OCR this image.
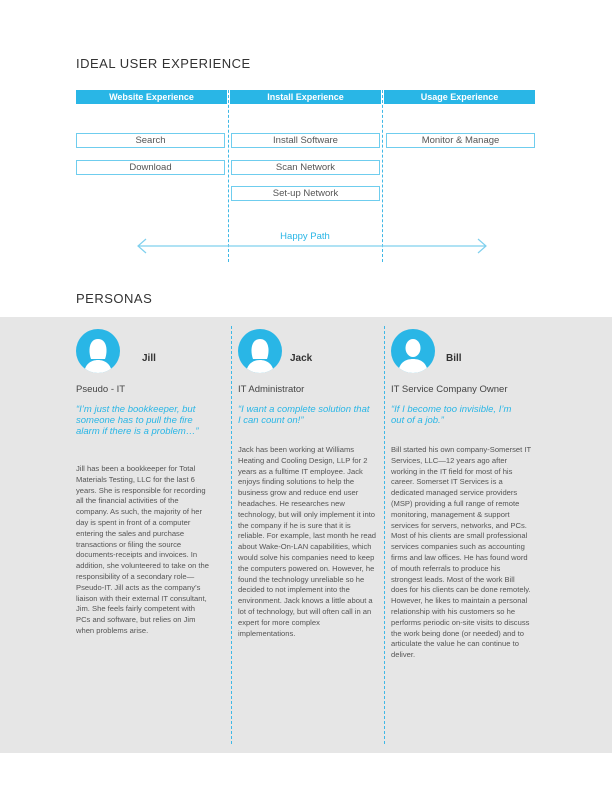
IDEAL USER EXPERIENCE
Website Experience	Install Experience	Usage Experience
Search
Download
Install Software
Scan Network
Set-up Network
Monitor & Manage
Happy Path
PERSONAS
Jill
Pseudo - IT
“I’m just the bookkeeper, but someone has to pull the fire alarm if there is a problem…”
Jill has been a bookkeeper for Total Materials Testing, LLC for the last 6 years. She is responsible for recording all the financial activities of the company. As such, the majority of her day is spent in front of a computer entering the sales and purchase transactions or filing the source documents-receipts and invoices. In addition, she volunteered to take on the responsibility of a secondary role—Pseudo-IT. Jill acts as the company’s liaison with their external IT consultant, Jim. She feels fairly competent with PCs and software, but relies on Jim when problems arise.
Jack
IT Administrator
“I want a complete solution that I can count on!”
Jack has been working at Williams Heating and Cooling Design, LLP for 2 years as a fulltime IT employee. Jack enjoys finding solutions to help the business grow and reduce end user headaches. He researches new technology, but will only implement it into the company if he is sure that it is reliable. For example, last month he read about Wake-On-LAN capabilities, which would solve his companies need to keep the computers powered on. However, he found the technology unreliable so he decided to not implement into the environment. Jack knows a little about a lot of technology, but will often call in an expert for more complex implementations.
Bill
IT Service Company Owner
“If I become too invisible, I’m out of a job.”
Bill started his own company-Somerset IT Services, LLC—12 years ago after working in the IT field for most of his career. Somerset IT Services is a dedicated managed service providers (MSP) providing a full range of remote monitoring, management & support services for servers, networks, and PCs. Most of his clients are small professional services companies such as accounting firms and law offices. He has found word of mouth referrals to produce his strongest leads. Most of the work Bill does for his clients can be done remotely. However, he likes to maintain a personal relationship with his customers so he performs periodic on-site visits to discuss the work being done (or needed) and to articulate the value he can continue to deliver.
